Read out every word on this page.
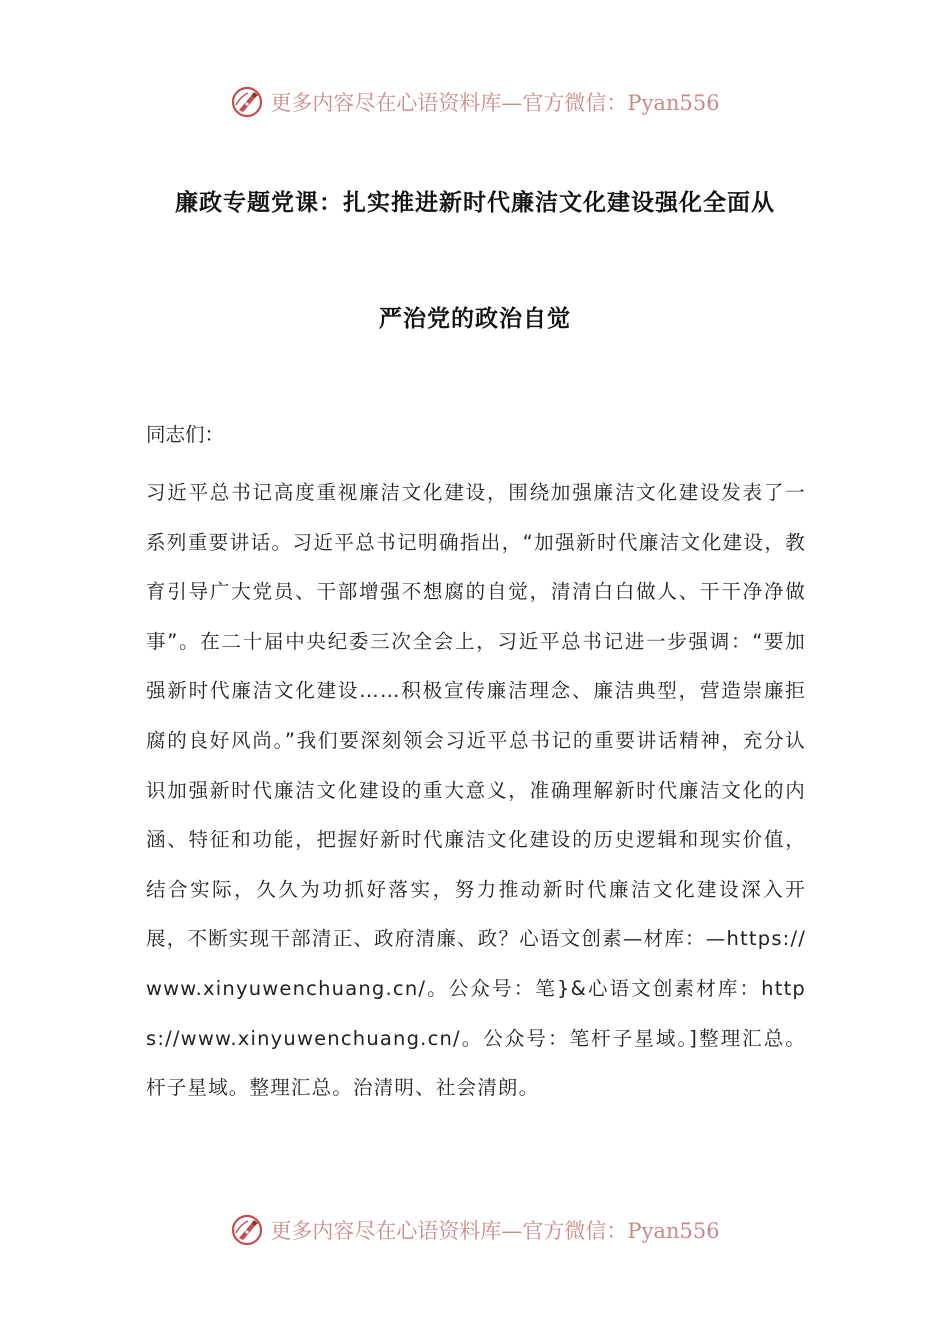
更多内容尽在心语资料库—官方微信：Pyan556
廉政专题党课：扎实推进新时代廉洁文化建设强化全面从
严治党的政治自觉

同志们：

习近平总书记高度重视廉洁文化建设，围绕加强廉洁文化建设发表了一系列重要讲话。习近平总书记明确指出，“加强新时代廉洁文化建设，教育引导广大党员、干部增强不想腐的自觉，清清白白做人、干干净净做事”。在二十届中央纪委三次全会上，习近平总书记进一步强调：“要加强新时代廉洁文化建设……积极宣传廉洁理念、廉洁典型，营造崇廉拒腐的良好风尚。”我们要深刻领会习近平总书记的重要讲话精神，充分认识加强新时代廉洁文化建设的重大意义，准确理解新时代廉洁文化的内涵、特征和功能，把握好新时代廉洁文化建设的历史逻辑和现实价值，结合实际，久久为功抓好落实，努力推动新时代廉洁文化建设深入开展，不断实现干部清正、政府清廉、政？心语文创素—材库：—https://www.xinyuwenchuang.cn/。公众号：笔}&心语文创素材库：https://www.xinyuwenchuang.cn/。公众号：笔杆子星域。]整理汇总。杆子星域。整理汇总。治清明、社会清朗。

更多内容尽在心语资料库—官方微信：Pyan556
